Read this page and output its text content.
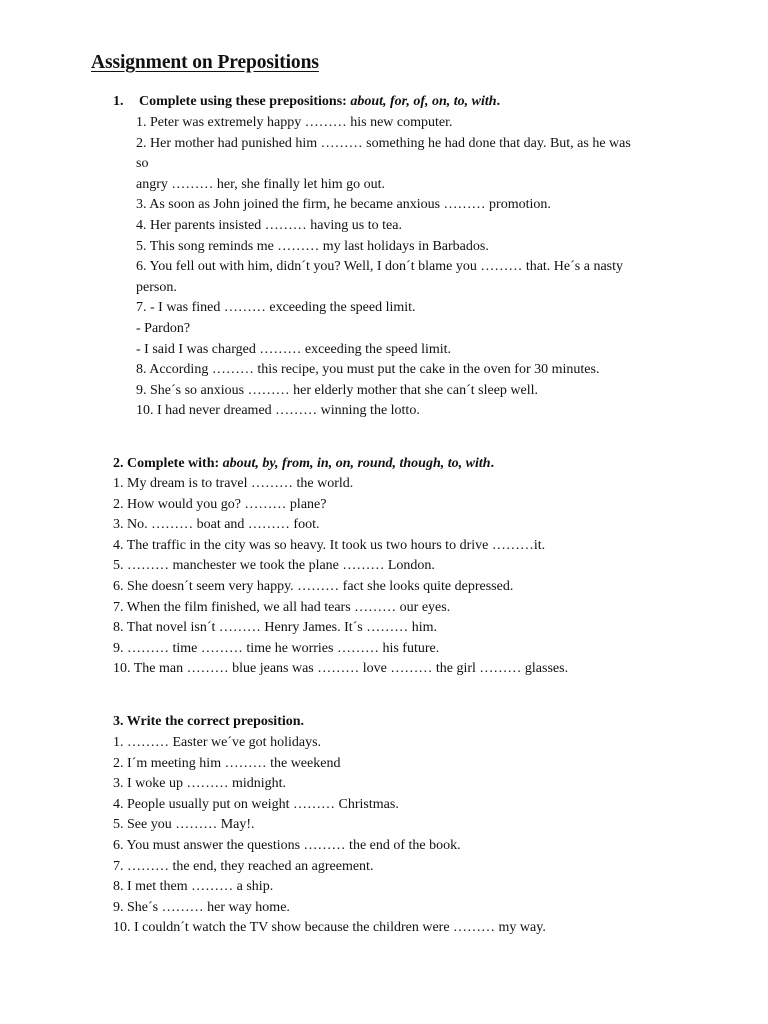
Assignment on Prepositions
1. Complete using these prepositions: about, for, of, on, to, with.
1. Peter was extremely happy ……… his new computer.
2. Her mother had punished him ……… something he had done that day. But, as he was
so
angry ……… her, she finally let him go out.
3. As soon as John joined the firm, he became anxious ……… promotion.
4. Her parents insisted ……… having us to tea.
5. This song reminds me ……… my last holidays in Barbados.
6. You fell out with him, didn´t you? Well, I don´t blame you ……… that. He´s a nasty
person.
7. - I was fined ……… exceeding the speed limit.
- Pardon?
- I said I was charged ……… exceeding the speed limit.
8. According ……… this recipe, you must put the cake in the oven for 30 minutes.
9. She´s so anxious ……… her elderly mother that she can´t sleep well.
10. I had never dreamed ……… winning the lotto.
2. Complete with: about, by, from, in, on, round, though, to, with.
1. My dream is to travel ……… the world.
2. How would you go? ……… plane?
3. No. ……… boat and ……… foot.
4. The traffic in the city was so heavy. It took us two hours to drive ………it.
5. ……… manchester we took the plane ……… London.
6. She doesn´t seem very happy. ……… fact she looks quite depressed.
7. When the film finished, we all had tears ……… our eyes.
8. That novel isn´t ……… Henry James. It´s ……… him.
9. ……… time ……… time he worries ……… his future.
10. The man ……… blue jeans was ……… love ……… the girl ……… glasses.
3. Write the correct preposition.
1. ……… Easter we´ve got holidays.
2. I´m meeting him ……… the weekend
3. I woke up ……… midnight.
4. People usually put on weight ……… Christmas.
5. See you ……… May!.
6. You must answer the questions ……… the end of the book.
7. ……… the end, they reached an agreement.
8. I met them ……… a ship.
9. She´s ……… her way home.
10. I couldn´t watch the TV show because the children were ……… my way.
